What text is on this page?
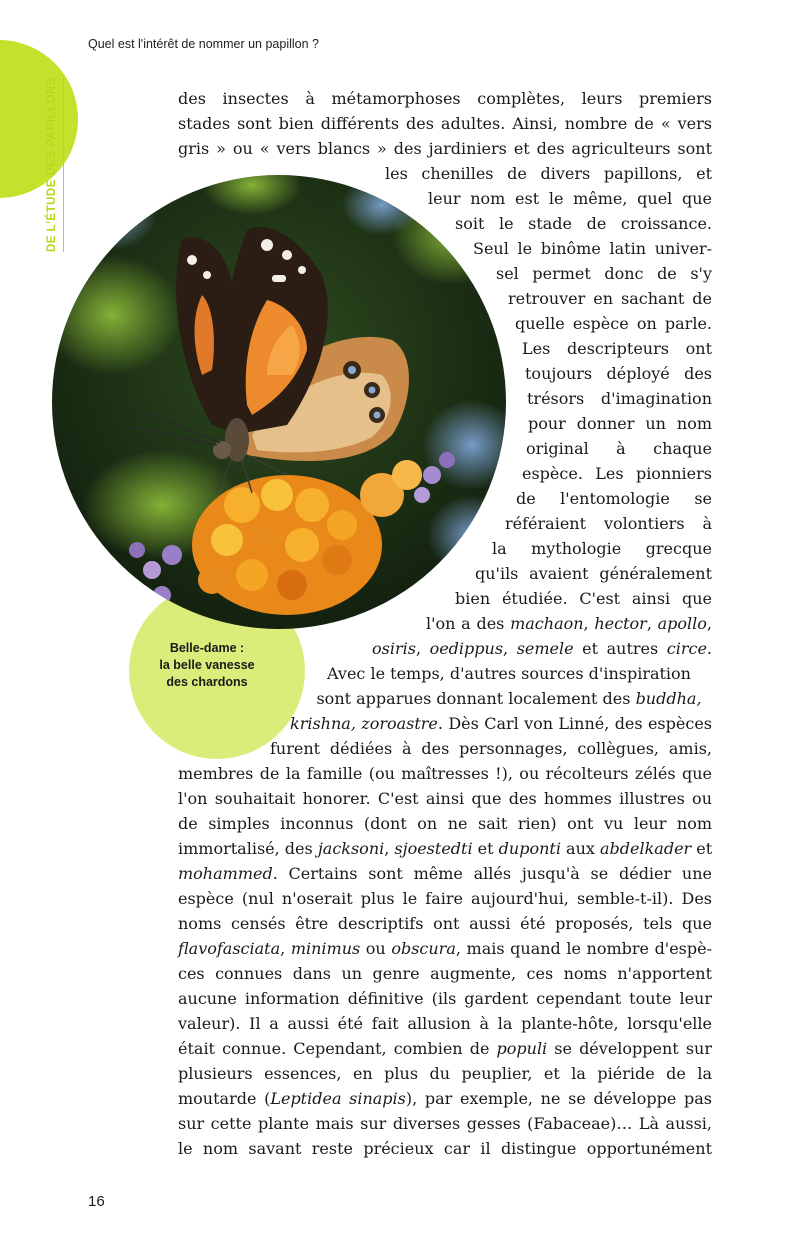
DE L'ÉTUDE DES PAPILLONS
Quel est l'intérêt de nommer un papillon ?
Belle-dame :
la belle vanesse
des chardons
des insectes à métamorphoses complètes, leurs premiers
stades sont bien différents des adultes. Ainsi, nombre de « vers
gris » ou « vers blancs » des jardiniers et des agriculteurs sont
les chenilles de divers papillons, et
leur nom est le même, quel que
soit le stade de croissance.
Seul le binôme latin univer-
sel permet donc de s'y
retrouver en sachant de
quelle espèce on parle.
Les descripteurs ont
toujours déployé des
trésors d'imagination
pour donner un nom
original à chaque
espèce. Les pionniers
de l'entomologie se
référaient volontiers à
la mythologie grecque
qu'ils avaient généralement
bien étudiée. C'est ainsi que
l'on a des machaon, hector, apollo,
osiris, oedippus, semele et autres circe.
Avec le temps, d'autres sources d'inspiration
sont apparues donnant localement des buddha,
krishna, zoroastre. Dès Carl von Linné, des espèces
furent dédiées à des personnages, collègues, amis,
membres de la famille (ou maîtresses !), ou récolteurs zélés que
l'on souhaitait honorer. C'est ainsi que des hommes illustres ou
de simples inconnus (dont on ne sait rien) ont vu leur nom
immortalisé, des jacksoni, sjoestedti et duponti aux abdelkader et
mohammed. Certains sont même allés jusqu'à se dédier une
espèce (nul n'oserait plus le faire aujourd'hui, semble-t-il). Des
noms censés être descriptifs ont aussi été proposés, tels que
flavofasciata, minimus ou obscura, mais quand le nombre d'espè-
ces connues dans un genre augmente, ces noms n'apportent
aucune information définitive (ils gardent cependant toute leur
valeur). Il a aussi été fait allusion à la plante-hôte, lorsqu'elle
était connue. Cependant, combien de populi se développent sur
plusieurs essences, en plus du peuplier, et la piéride de la
moutarde (Leptidea sinapis), par exemple, ne se développe pas
sur cette plante mais sur diverses gesses (Fabaceae)… Là aussi,
le nom savant reste précieux car il distingue opportunément
16
